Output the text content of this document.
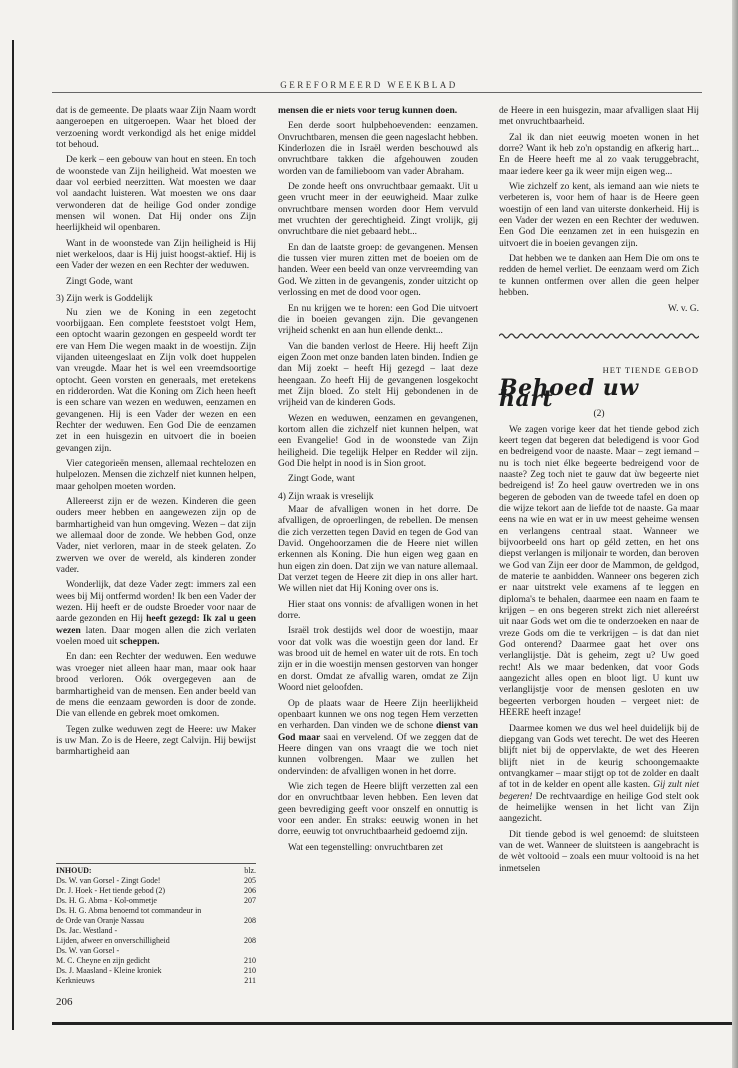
GEREFORMEERD WEEKBLAD

dat is de gemeente. De plaats waar Zijn Naam wordt aangeroepen en uitgeroepen. Waar het bloed der verzoening wordt verkondigd als het enige middel tot behoud.

De kerk – een gebouw van hout en steen. En toch de woonstede van Zijn heiligheid. Wat moesten we daar vol eerbied neerzitten. Wat moesten we daar vol aandacht luisteren. Wat moesten we ons daar verwonderen dat de heilige God onder zondige mensen wil wonen. Dat Hij onder ons Zijn heerlijkheid wil openbaren.

Want in de woonstede van Zijn heiligheid is Hij niet werkeloos, daar is Hij juist hoogst-aktief. Hij is een Vader der wezen en een Rechter der weduwen.

Zingt Gode, want

3) Zijn werk is Goddelijk

Nu zien we de Koning in een zegetocht voorbijgaan. Een complete feeststoet volgt Hem, een optocht waarin gezongen en gespeeld wordt ter ere van Hem Die wegen maakt in de woestijn. Zijn vijanden uiteengeslaat en Zijn volk doet huppelen van vreugde. Maar het is wel een vreemdsoortige optocht. Geen vorsten en generaals, met eretekens en ridderorden. Wat die Koning om Zich heen heeft is een schare van wezen en weduwen, eenzamen en gevangenen. Hij is een Vader der wezen en een Rechter der weduwen. Een God Die de eenzamen zet in een huisgezin en uitvoert die in boeien gevangen zijn.

Vier categorieën mensen, allemaal rechtelozen en hulpelozen. Mensen die zichzelf niet kunnen helpen, maar geholpen moeten worden.

Allereerst zijn er de wezen. Kinderen die geen ouders meer hebben en aangewezen zijn op de barmhartigheid van hun omgeving. Wezen – dat zijn we allemaal door de zonde. We hebben God, onze Vader, niet verloren, maar in de steek gelaten. Zo zwerven we over de wereld, als kinderen zonder vader.

Wonderlijk, dat deze Vader zegt: immers zal een wees bij Mij ontfermd worden! Ik ben een Vader der wezen. Hij heeft er de oudste Broeder voor naar de aarde gezonden en Hij heeft gezegd: Ik zal u geen wezen laten. Daar mogen allen die zich verlaten voelen moed uit scheppen.

En dan: een Rechter der weduwen. Een weduwe was vroeger niet alleen haar man, maar ook haar brood verloren. Oók overgegeven aan de barmhartigheid van de mensen. Een ander beeld van de mens die eenzaam geworden is door de zonde. Die van ellende en gebrek moet omkomen.

Tegen zulke weduwen zegt de Heere: uw Maker is uw Man. Zo is de Heere, zegt Calvijn. Hij bewijst barmhartigheid aan

INHOUD:	blz.
Ds. W. van Gorsel - Zingt Gode!	205
Dr. J. Hoek - Het tiende gebod (2)	206
Ds. H. G. Abma - Kol-ommetje	207
Ds. H. G. Abma benoemd tot commandeur in
de Orde van Oranje Nassau	208
Ds. Jac. Westland -
Lijden, afweer en onverschilligheid	208
Ds. W. van Gorsel -
M. C. Cheyne en zijn gedicht	210
Ds. J. Maasland - Kleine kroniek	210
Kerknieuws	211
206

mensen die er niets voor terug kunnen doen.

Een derde soort hulpbehoevenden: eenzamen. Onvruchtbaren, mensen die geen nageslacht hebben. Kinderlozen die in Israël werden beschouwd als onvruchtbare takken die afgehouwen zouden worden van de familieboom van vader Abraham.

De zonde heeft ons onvruchtbaar gemaakt. Uit u geen vrucht meer in der eeuwigheid. Maar zulke onvruchtbare mensen worden door Hem vervuld met vruchten der gerechtigheid. Zingt vrolijk, gij onvruchtbare die niet gebaard hebt...

En dan de laatste groep: de gevangenen. Mensen die tussen vier muren zitten met de boeien om de handen. Weer een beeld van onze vervreemding van God. We zitten in de gevangenis, zonder uitzicht op verlossing en met de dood voor ogen.

En nu krijgen we te horen: een God Die uitvoert die in boeien gevangen zijn. Die gevangenen vrijheid schenkt en aan hun ellende denkt...

Van die banden verlost de Heere. Hij heeft Zijn eigen Zoon met onze banden laten binden. Indien ge dan Mij zoekt – heeft Hij gezegd – laat deze heengaan. Zo heeft Hij de gevangenen losgekocht met Zijn bloed. Zo stelt Hij gebondenen in de vrijheid van de kinderen Gods.

Wezen en weduwen, eenzamen en gevangenen, kortom allen die zichzelf niet kunnen helpen, wat een Evangelie! God in de woonstede van Zijn heiligheid. Die tegelijk Helper en Redder wil zijn. God Die helpt in nood is in Sion groot.

Zingt Gode, want

4) Zijn wraak is vreselijk

Maar de afvalligen wonen in het dorre. De afvalligen, de oproerlingen, de rebellen. De mensen die zich verzetten tegen David en tegen de God van David. Ongehoorzamen die de Heere niet willen erkennen als Koning. Die hun eigen weg gaan en hun eigen zin doen. Dat zijn we van nature allemaal. Dat verzet tegen de Heere zit diep in ons aller hart. We willen niet dat Hij Koning over ons is.

Hier staat ons vonnis: de afvalligen wonen in het dorre.

Israël trok destijds wel door de woestijn, maar voor dat volk was die woestijn geen dor land. Er was brood uit de hemel en water uit de rots. En toch zijn er in die woestijn mensen gestorven van honger en dorst. Omdat ze afvallig waren, omdat ze Zijn Woord niet geloofden.

Op de plaats waar de Heere Zijn heerlijkheid openbaart kunnen we ons nog tegen Hem verzetten en verharden. Dan vinden we de schone dienst van God maar saai en vervelend. Of we zeggen dat de Heere dingen van ons vraagt die we toch niet kunnen volbrengen. Maar we zullen het ondervinden: de afvalligen wonen in het dorre.

Wie zich tegen de Heere blijft verzetten zal een dor en onvruchtbaar leven hebben. Een leven dat geen bevrediging geeft voor onszelf en onnuttig is voor een ander. En straks: eeuwig wonen in het dorre, eeuwig tot onvruchtbaarheid gedoemd zijn.

Wat een tegenstelling: onvruchtbaren zet

de Heere in een huisgezin, maar afvalligen slaat Hij met onvruchtbaarheid.

Zal ik dan niet eeuwig moeten wonen in het dorre? Want ik heb zo'n opstandig en afkerig hart... En de Heere heeft me al zo vaak teruggebracht, maar iedere keer ga ik weer mijn eigen weg...

Wie zichzelf zo kent, als iemand aan wie niets te verbeteren is, voor hem of haar is de Heere geen woestijn of een land van uiterste donkerheid. Hij is een Vader der wezen en een Rechter der weduwen. Een God Die eenzamen zet in een huisgezin en uitvoert die in boeien gevangen zijn.

Dat hebben we te danken aan Hem Die om ons te redden de hemel verliet. De eenzaam werd om Zich te kunnen ontfermen over allen die geen helper hebben.

W. v. G.
HET TIENDE GEBOD
Behoed uw hart
(2)

We zagen vorige keer dat het tiende gebod zich keert tegen dat begeren dat beledigend is voor God en bedreigend voor de naaste. Maar – zegt iemand – nu is toch niet élke begeerte bedreigend voor de naaste? Zeg toch niet te gauw dat ùw begeerte niet bedreigend is! Zo heel gauw overtreden we in ons begeren de geboden van de tweede tafel en doen op die wijze tekort aan de liefde tot de naaste. Ga maar eens na wie en wat er in uw meest geheime wensen en verlangens centraal staat. Wanneer we bijvoorbeeld ons hart op géld zetten, en het ons diepst verlangen is miljonair te worden, dan beroven we God van Zijn eer door de Mammon, de geldgod, de materie te aanbidden. Wanneer ons begeren zich er naar uitstrekt vele examens af te leggen en diploma's te behalen, daarmee een naam en faam te krijgen – en ons begeren strekt zich niet allereérst uit naar Gods wet om die te onderzoeken en naar de vreze Gods om die te verkrijgen – is dat dan niet God onterend? Daarmee gaat het over ons verlanglijstje. Dàt is geheim, zegt u? Uw goed recht! Als we maar bedenken, dat voor Gods aangezicht alles open en bloot ligt. U kunt uw verlanglijstje voor de mensen gesloten en uw begeerten verborgen houden – vergeet niet: de HEERE heeft inzage!

Daarmee komen we dus wel heel duidelijk bij de diepgang van Gods wet terecht. De wet des Heeren blijft niet bij de oppervlakte, de wet des Heeren blijft niet in de keurig schoongemaakte ontvangkamer – maar stijgt op tot de zolder en daalt af tot in de kelder en opent alle kasten. Gij zult niet begeren! De rechtvaardige en heilige God stelt ook de heimelijke wensen in het licht van Zijn aangezicht.

Dit tiende gebod is wel genoemd: de sluitsteen van de wet. Wanneer de sluitsteen is aangebracht is de wèt voltooid – zoals een muur voltooid is na het inmetselen
